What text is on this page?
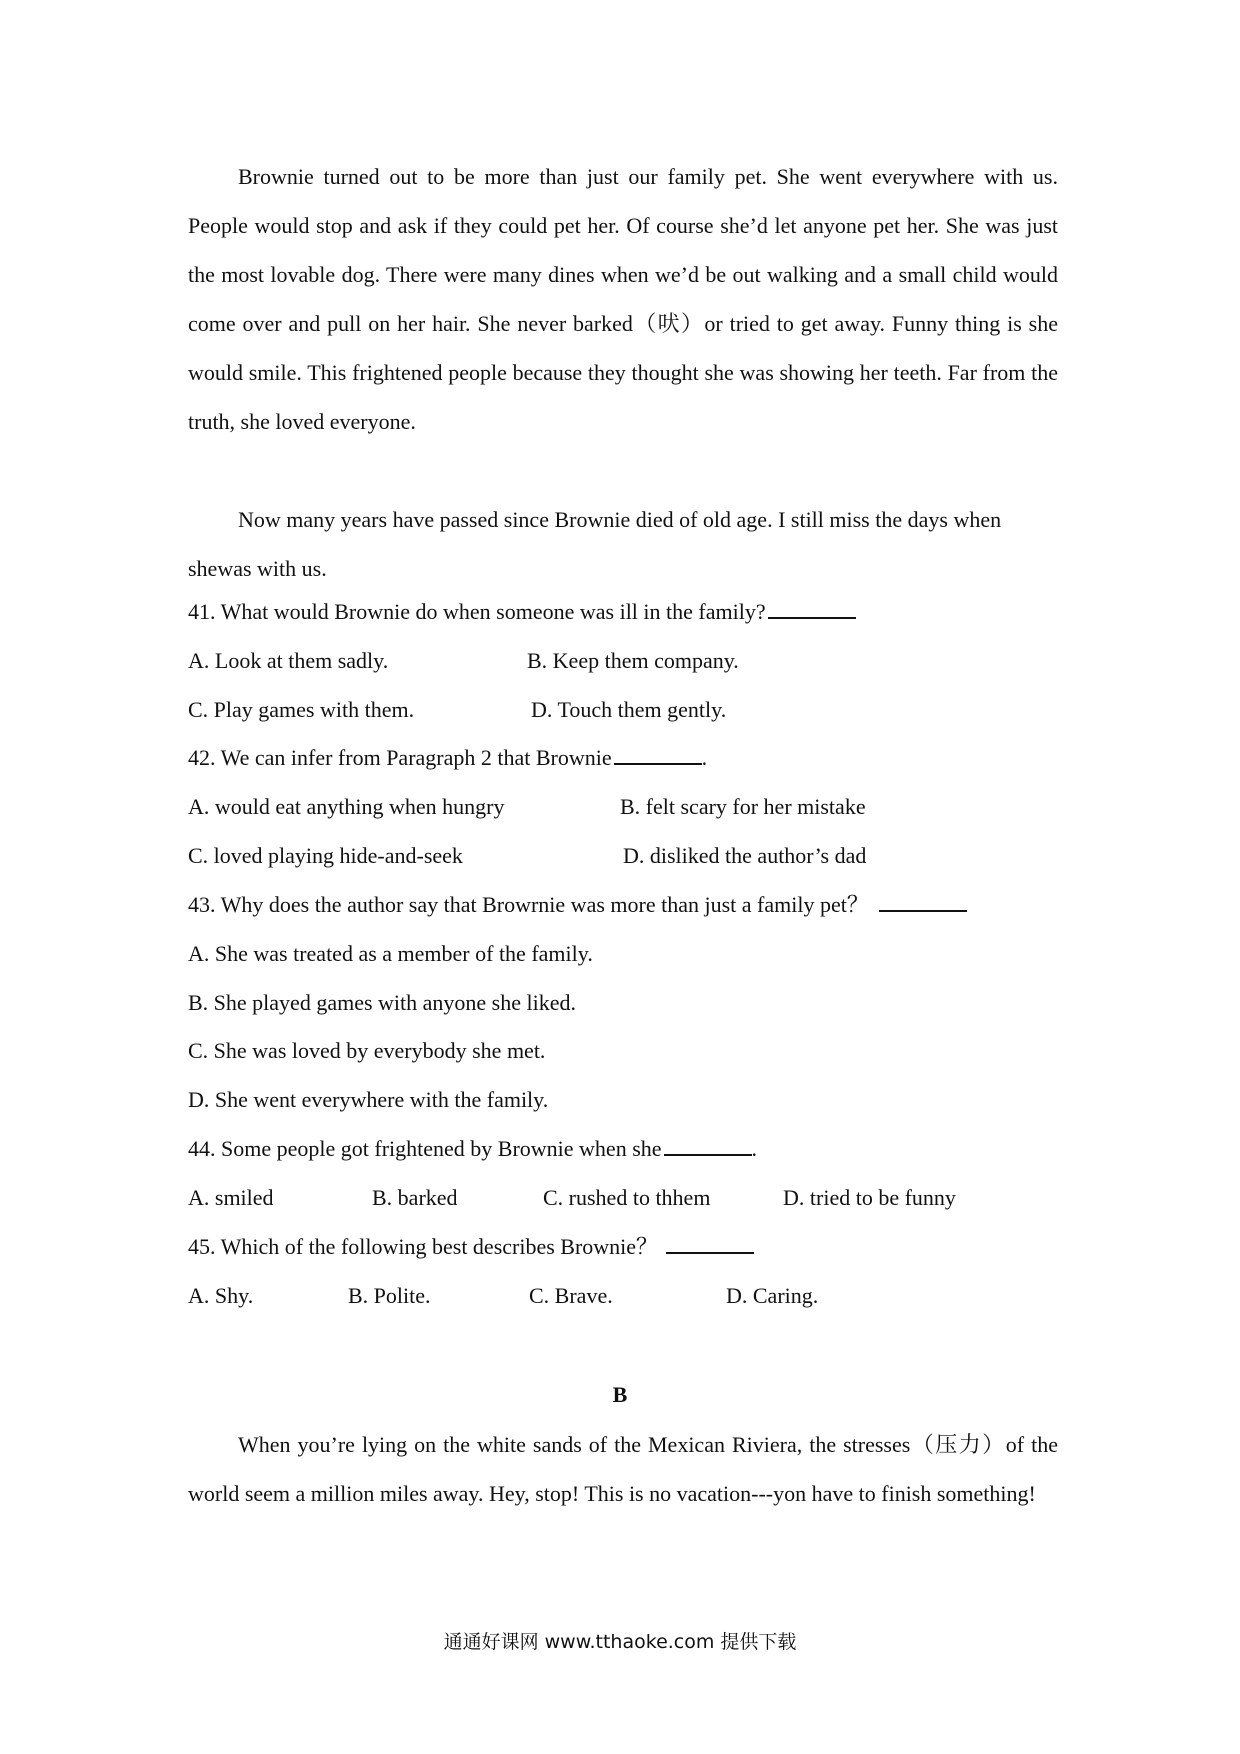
Brownie turned out to be more than just our family pet. She went everywhere with us. People would stop and ask if they could pet her. Of course she’d let anyone pet her. She was just the most lovable dog. There were many dines when we’d be out walking and a small child would come over and pull on her hair. She never barked（吠）or tried to get away. Funny thing is she would smile. This frightened people because they thought she was showing her teeth. Far from the truth, she loved everyone.
Now many years have passed since Brownie died of old age. I still miss the days when shewas with us.
41. What would Brownie do when someone was ill in the family?
A. Look at them sadly.	B. Keep them company.
C. Play games with them.	D. Touch them gently.
42. We can infer from Paragraph 2 that Brownie	.
A. would eat anything when hungry	B. felt scary for her mistake
C. loved playing hide-and-seek	D. disliked the author’s dad
43. Why does the author say that Browrnie was more than just a family pet？
A. She was treated as a member of the family.
B. She played games with anyone she liked.
C. She was loved by everybody she met.
D. She went everywhere with the family.
44. Some people got frightened by Brownie when she	.
A. smiled	B. barked	C. rushed to thhem	D. tried to be funny
45. Which of the following best describes Brownie？
A. Shy.	B. Polite.	C. Brave.	D. Caring.
B
When you’re lying on the white sands of the Mexican Riviera, the stresses（压力）of the world seem a million miles away. Hey, stop! This is no vacation---yon have to finish something!
通通好课网 www.tthaoke.com 提供下载
